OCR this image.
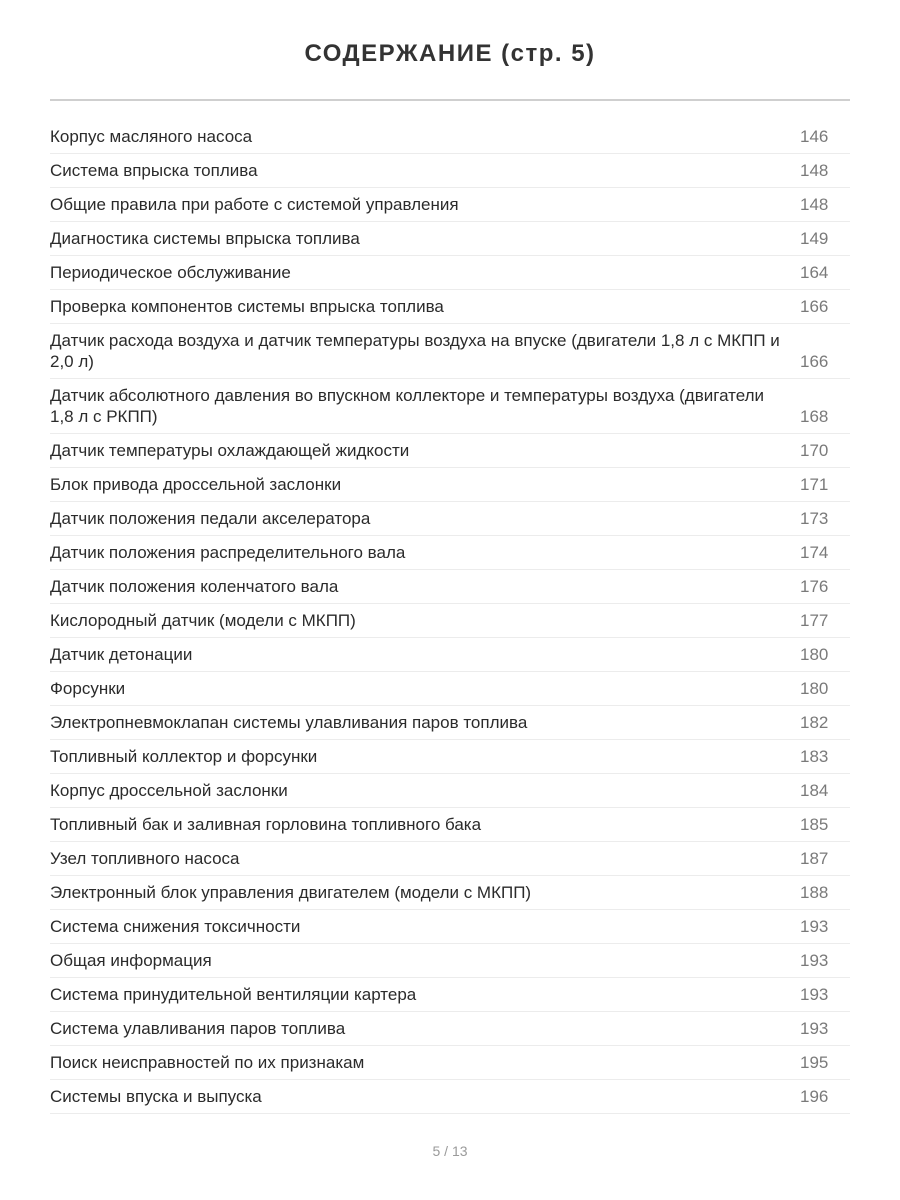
СОДЕРЖАНИЕ (стр. 5)
Корпус масляного насоса	146
Система впрыска топлива	148
Общие правила при работе с системой управления	148
Диагностика системы впрыска топлива	149
Периодическое обслуживание	164
Проверка компонентов системы впрыска топлива	166
Датчик расхода воздуха и датчик температуры воздуха на впуске (двигатели 1,8 л с МКПП и 2,0 л)	166
Датчик абсолютного давления во впускном коллекторе и температуры воздуха (двигатели 1,8 л с РКПП)	168
Датчик температуры охлаждающей жидкости	170
Блок привода дроссельной заслонки	171
Датчик положения педали акселератора	173
Датчик положения распределительного вала	174
Датчик положения коленчатого вала	176
Кислородный датчик (модели с МКПП)	177
Датчик детонации	180
Форсунки	180
Электропневмоклапан системы улавливания паров топлива	182
Топливный коллектор и форсунки	183
Корпус дроссельной заслонки	184
Топливный бак и заливная горловина топливного бака	185
Узел топливного насоса	187
Электронный блок управления двигателем (модели с МКПП)	188
Система снижения токсичности	193
Общая информация	193
Система принудительной вентиляции картера	193
Система улавливания паров топлива	193
Поиск неисправностей по их признакам	195
Системы впуска и выпуска	196
5 / 13
